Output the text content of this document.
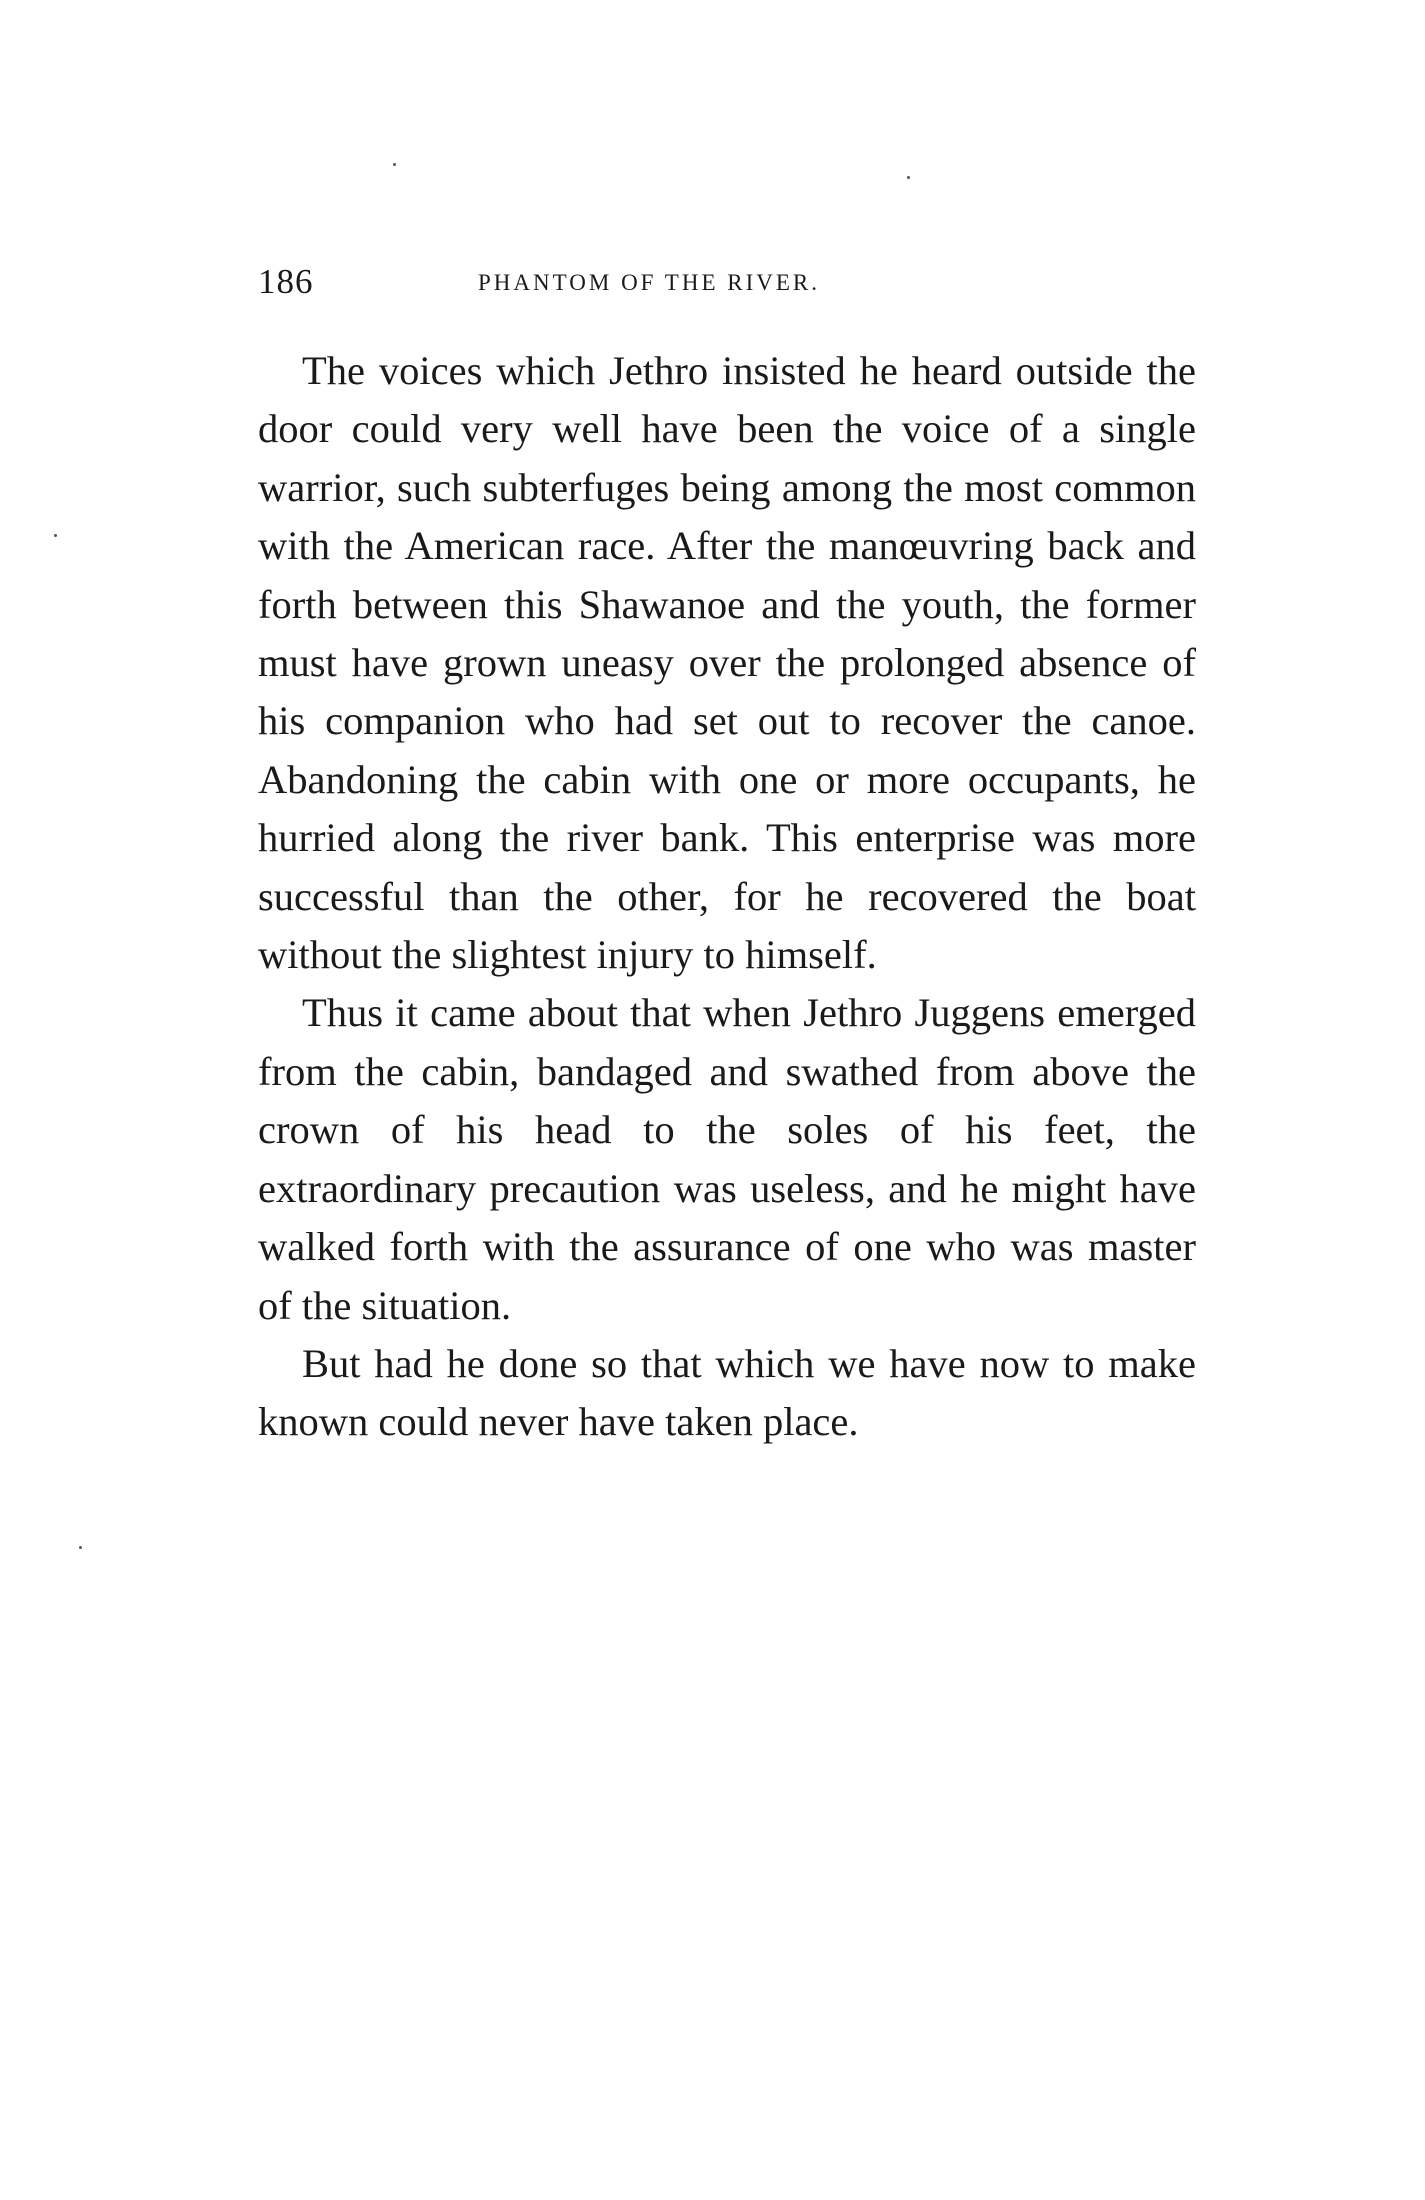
186	PHANTOM OF THE RIVER.

The voices which Jethro insisted he heard outside the door could very well have been the voice of a single warrior, such subterfuges being among the most common with the American race. After the manœuvring back and forth between this Shawanoe and the youth, the former must have grown uneasy over the prolonged absence of his companion who had set out to recover the canoe. Abandoning the cabin with one or more occupants, he hurried along the river bank. This enterprise was more successful than the other, for he recovered the boat without the slightest injury to himself.

Thus it came about that when Jethro Juggens emerged from the cabin, bandaged and swathed from above the crown of his head to the soles of his feet, the extraordinary precaution was useless, and he might have walked forth with the assurance of one who was master of the situation.

But had he done so that which we have now to make known could never have taken place.
